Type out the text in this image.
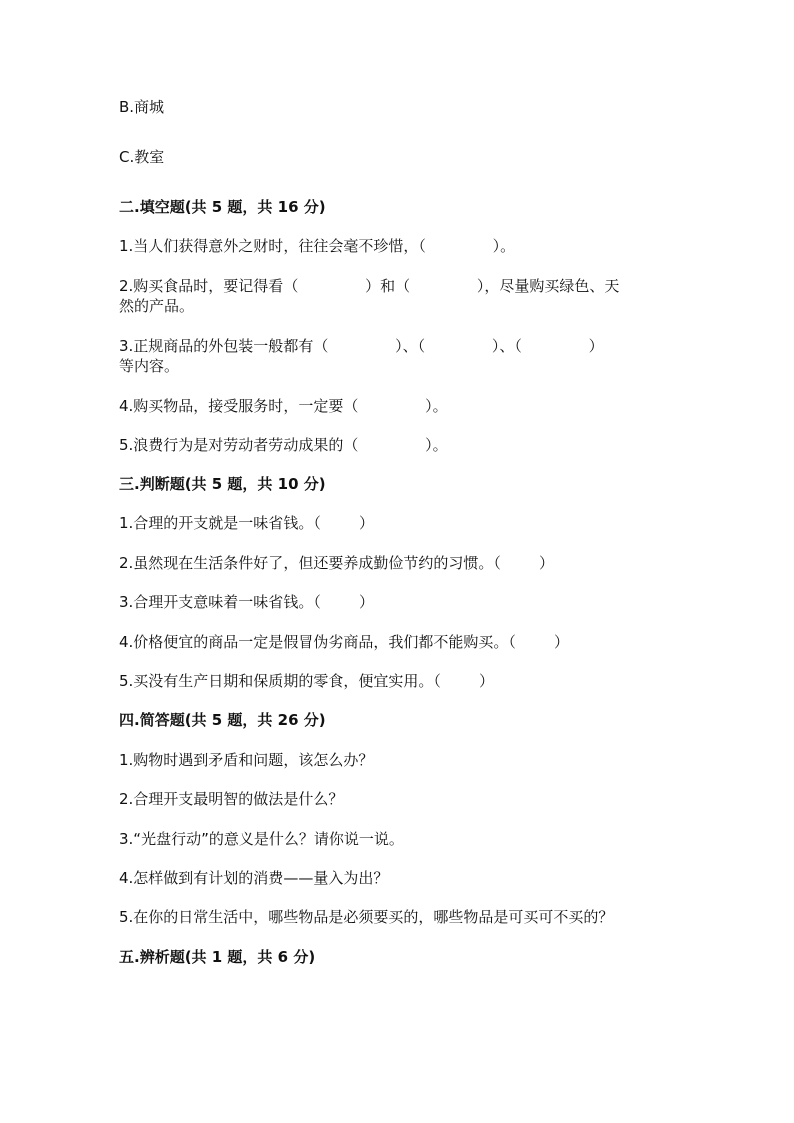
B.商城
C.教室
二.填空题(共 5 题，共 16 分)
1.当人们获得意外之财时，往往会毫不珍惜，（              ）。
2.购买食品时，要记得看（              ）和（              ），尽量购买绿色、天
然的产品。
3.正规商品的外包装一般都有（              ）、（              ）、（              ）
等内容。
4.购买物品，接受服务时，一定要（              ）。
5.浪费行为是对劳动者劳动成果的（              ）。
三.判断题(共 5 题，共 10 分)
1.合理的开支就是一味省钱。（        ）
2.虽然现在生活条件好了，但还要养成勤俭节约的习惯。（        ）
3.合理开支意味着一味省钱。（        ）
4.价格便宜的商品一定是假冒伪劣商品，我们都不能购买。（        ）
5.买没有生产日期和保质期的零食，便宜实用。（        ）
四.简答题(共 5 题，共 26 分)
1.购物时遇到矛盾和问题，该怎么办？
2.合理开支最明智的做法是什么？
3.“光盘行动”的意义是什么？请你说一说。
4.怎样做到有计划的消费——量入为出？
5.在你的日常生活中，哪些物品是必须要买的，哪些物品是可买可不买的？
五.辨析题(共 1 题，共 6 分)
